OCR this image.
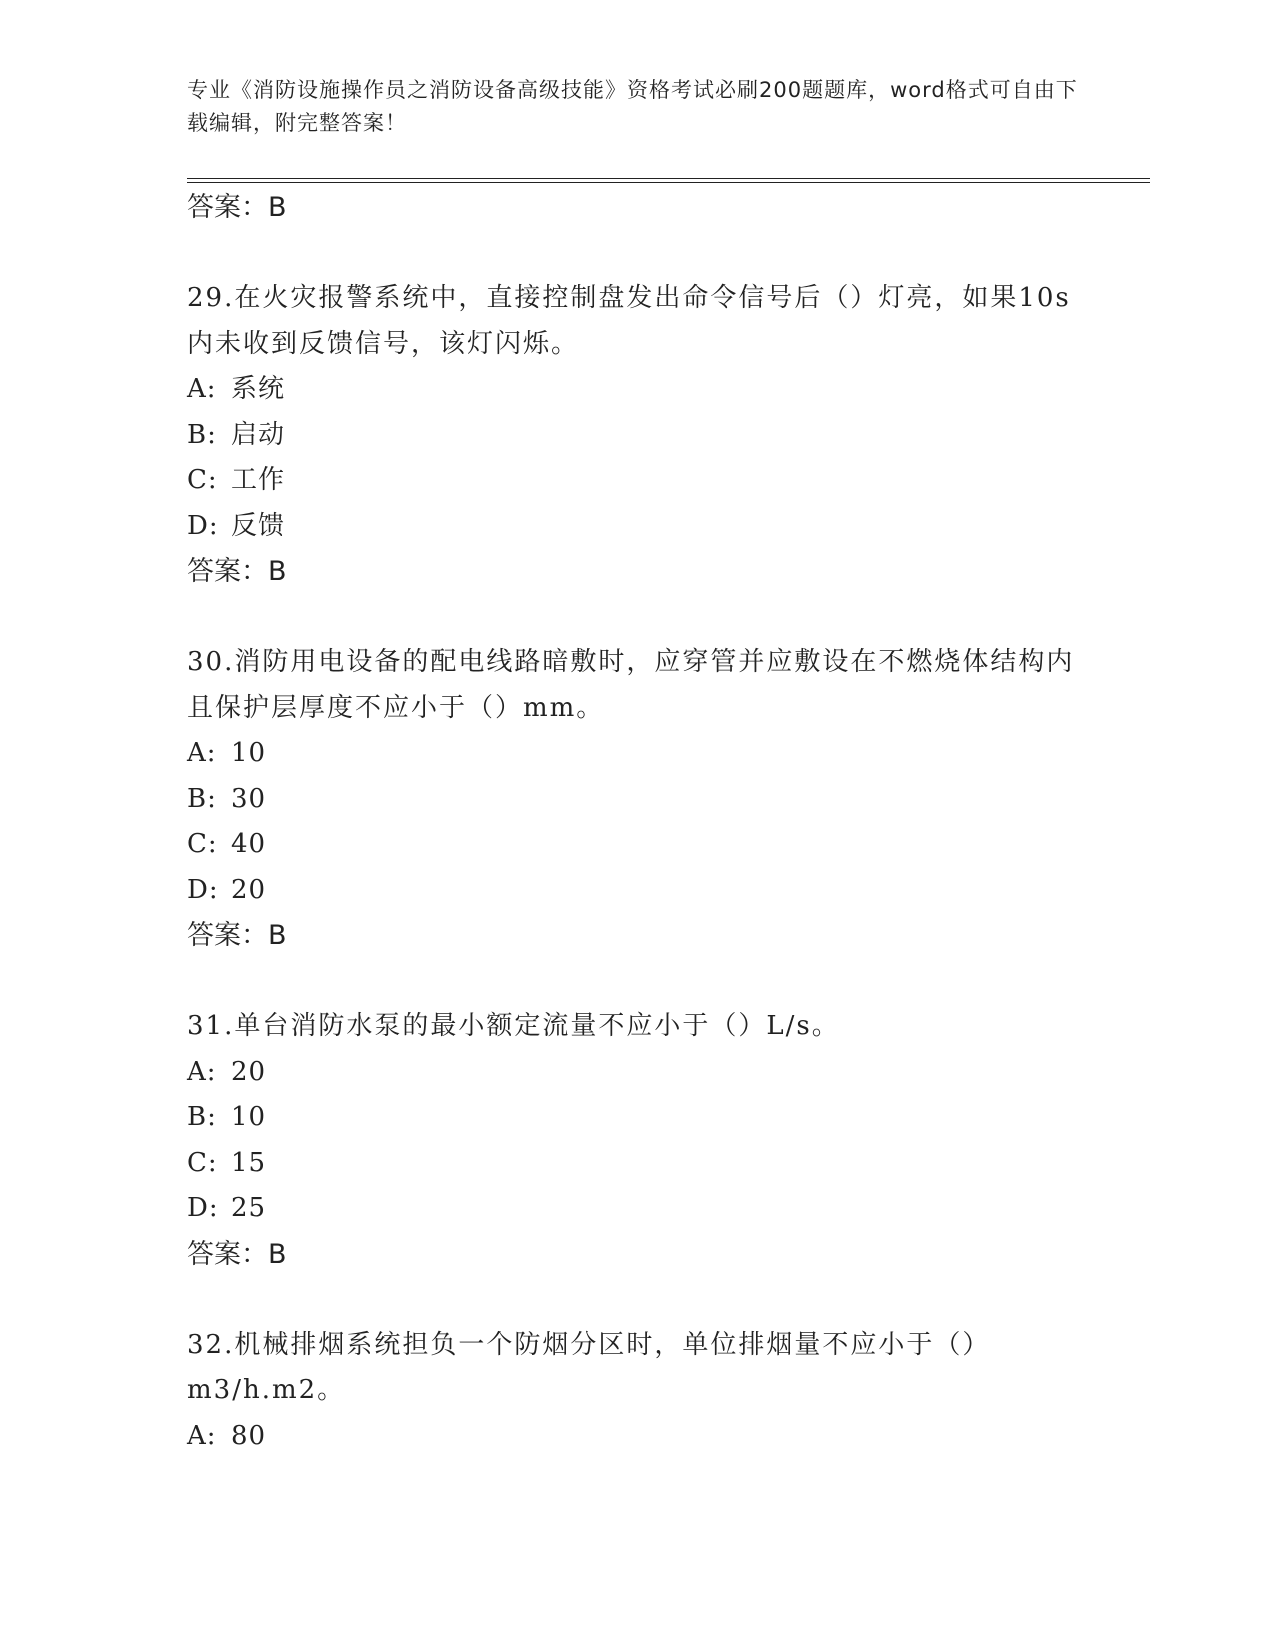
专业《消防设施操作员之消防设备高级技能》资格考试必刷200题题库，word格式可自由下载编辑，附完整答案！
答案：B
29.在火灾报警系统中，直接控制盘发出命令信号后（）灯亮，如果10s内未收到反馈信号，该灯闪烁。
A: 系统
B: 启动
C: 工作
D: 反馈
答案：B
30.消防用电设备的配电线路暗敷时，应穿管并应敷设在不燃烧体结构内且保护层厚度不应小于（）mm。
A: 10
B: 30
C: 40
D: 20
答案：B
31.单台消防水泵的最小额定流量不应小于（）L/s。
A: 20
B: 10
C: 15
D: 25
答案：B
32.机械排烟系统担负一个防烟分区时，单位排烟量不应小于（）m3/h.m2。
A: 80
